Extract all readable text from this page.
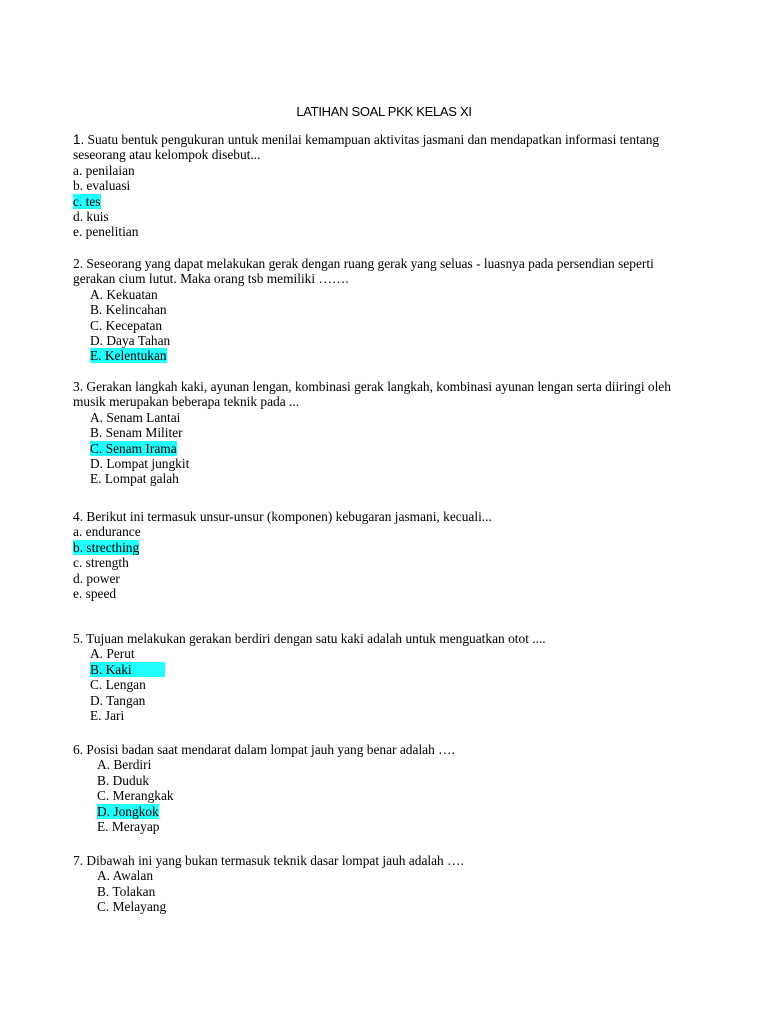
LATIHAN SOAL PKK KELAS XI
1. Suatu bentuk pengukuran untuk menilai kemampuan aktivitas jasmani dan mendapatkan informasi tentang
seseorang atau kelompok disebut...
a. penilaian
b. evaluasi
c. tes
d. kuis
e. penelitian
2. Seseorang yang dapat melakukan gerak dengan ruang gerak yang seluas - luasnya pada persendian seperti
gerakan cium lutut. Maka orang tsb memiliki …….
A. Kekuatan
B. Kelincahan
C. Kecepatan
D. Daya Tahan
E. Kelentukan
3. Gerakan langkah kaki, ayunan lengan, kombinasi gerak langkah, kombinasi ayunan lengan serta diiringi oleh
musik merupakan beberapa teknik pada ...
A. Senam Lantai
B. Senam Militer
C. Senam Irama
D. Lompat jungkit
E. Lompat galah
4. Berikut ini termasuk unsur-unsur (komponen) kebugaran jasmani, kecuali...
a. endurance
b. strecthing
c. strength
d. power
e. speed
5. Tujuan melakukan gerakan berdiri dengan satu kaki adalah untuk menguatkan otot ....
A. Perut
B. Kaki
C. Lengan
D. Tangan
E. Jari
6. Posisi badan saat mendarat dalam lompat jauh yang benar adalah ….
A. Berdiri
B. Duduk
C. Merangkak
D. Jongkok
E. Merayap
7. Dibawah ini yang bukan termasuk teknik dasar lompat jauh adalah ….
A. Awalan
B. Tolakan
C. Melayang
